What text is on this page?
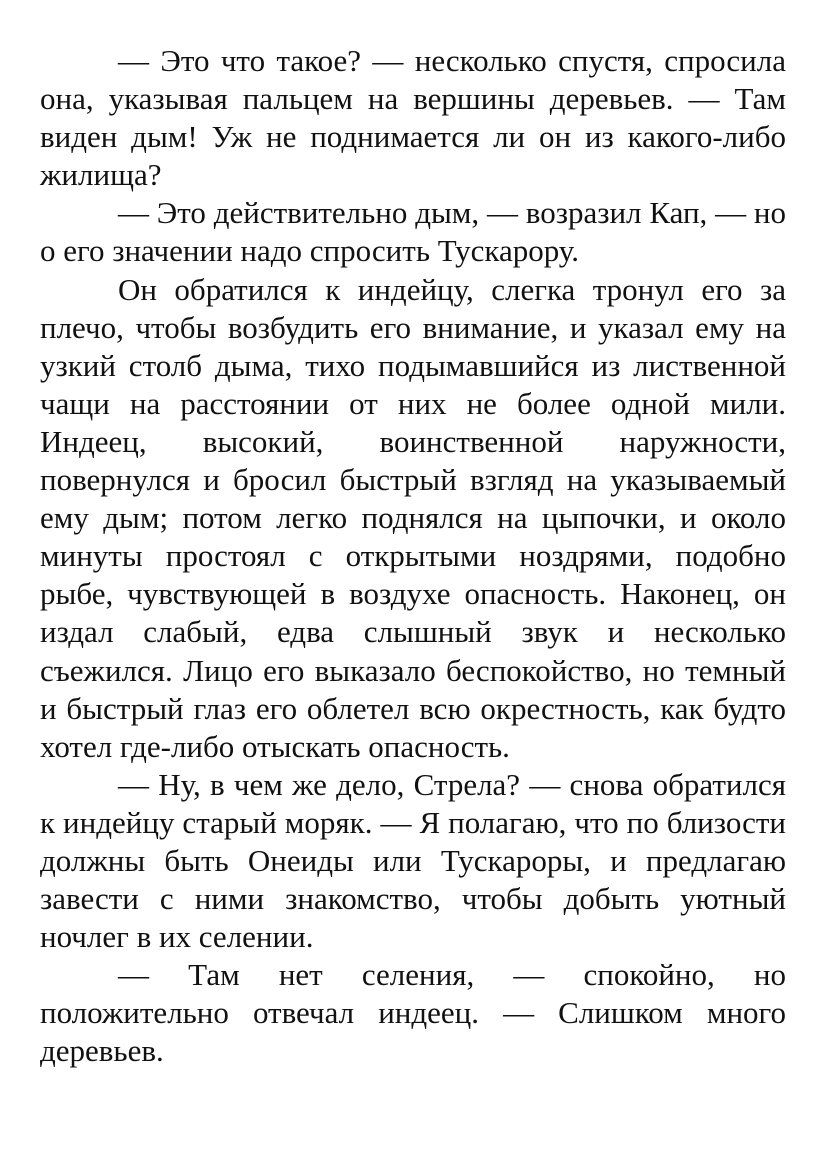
— Это что такое? — несколько спустя, спросила она, указывая пальцем на вершины деревьев. — Там виден дым! Уж не поднимается ли он из какого-либо жилища?

— Это действительно дым, — возразил Кап, — но о его значении надо спросить Тускарору.

Он обратился к индейцу, слегка тронул его за плечо, чтобы возбудить его внимание, и указал ему на узкий столб дыма, тихо подымавшийся из лиственной чащи на расстоянии от них не более одной мили. Индеец, высокий, воинственной наружности, повернулся и бросил быстрый взгляд на указываемый ему дым; потом легко поднялся на цыпочки, и около минуты простоял с открытыми ноздрями, подобно рыбе, чувствующей в воздухе опасность. Наконец, он издал слабый, едва слышный звук и несколько съежился. Лицо его выказало беспокойство, но темный и быстрый глаз его облетел всю окрестность, как будто хотел где-либо отыскать опасность.

— Ну, в чем же дело, Стрела? — снова обратился к индейцу старый моряк. — Я полагаю, что по близости должны быть Онеиды или Тускароры, и предлагаю завести с ними знакомство, чтобы добыть уютный ночлег в их селении.

— Там нет селения, — спокойно, но положительно отвечал индеец. — Слишком много деревьев.
